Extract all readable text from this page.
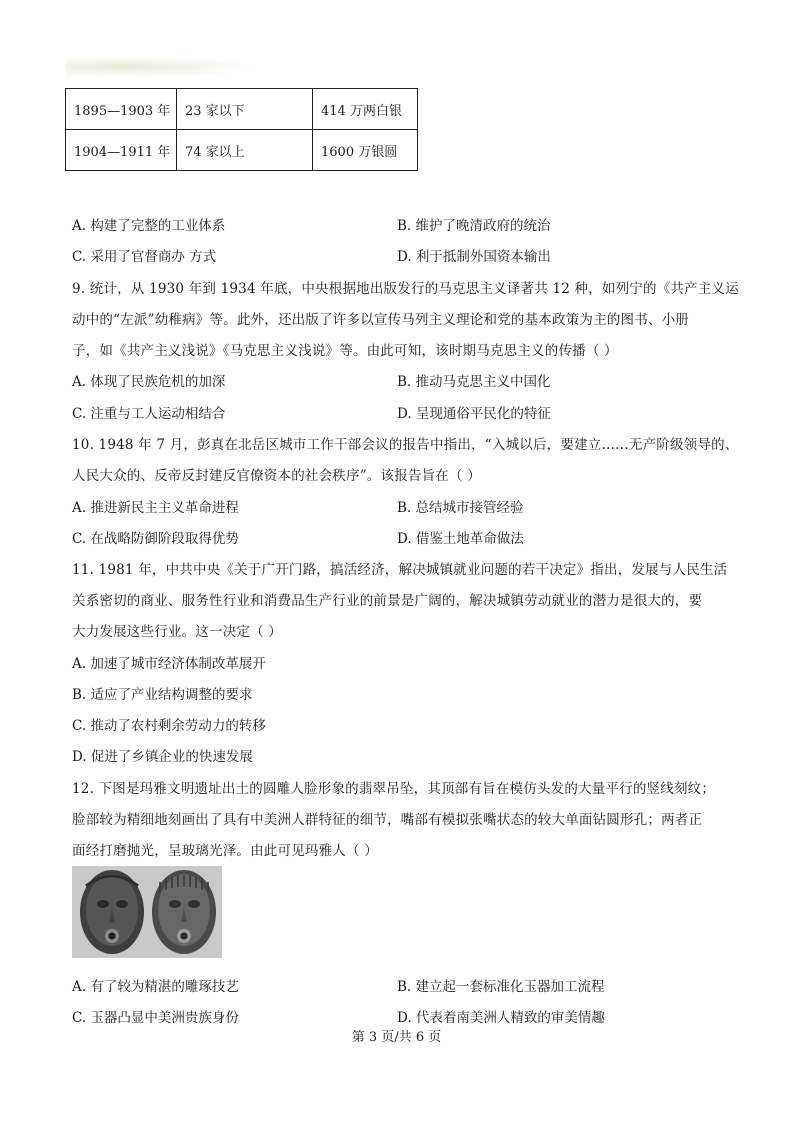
1895—1903 年	23 家以下	414 万两白银
1904—1911 年	74 家以上	1600 万银圆
A. 构建了完整的工业体系	B. 维护了晚清政府的统治
C. 采用了官督商办 方式	D. 利于抵制外国资本输出
9. 统计，从 1930 年到 1934 年底，中央根据地出版发行的马克思主义译著共 12 种，如列宁的《共产主义运
动中的“左派”幼稚病》等。此外，还出版了许多以宣传马列主义理论和党的基本政策为主的图书、小册
子，如《共产主义浅说》《马克思主义浅说》等。由此可知，该时期马克思主义的传播（ ）
A. 体现了民族危机的加深	B. 推动马克思主义中国化
C. 注重与工人运动相结合	D. 呈现通俗平民化的特征
10. 1948 年 7 月，彭真在北岳区城市工作干部会议的报告中指出，“入城以后，要建立……无产阶级领导的、
人民大众的、反帝反封建反官僚资本的社会秩序”。该报告旨在（ ）
A. 推进新民主主义革命进程	B. 总结城市接管经验
C. 在战略防御阶段取得优势	D. 借鉴土地革命做法
11. 1981 年，中共中央《关于广开门路，搞活经济，解决城镇就业问题的若干决定》指出，发展与人民生活
关系密切的商业、服务性行业和消费品生产行业的前景是广阔的，解决城镇劳动就业的潜力是很大的，要
大力发展这些行业。这一决定（ ）
A. 加速了城市经济体制改革展开
B. 适应了产业结构调整的要求
C. 推动了农村剩余劳动力的转移
D. 促进了乡镇企业的快速发展
12. 下图是玛雅文明遗址出土的圆雕人脸形象的翡翠吊坠，其顶部有旨在模仿头发的大量平行的竖线刻纹；
脸部较为精细地刻画出了具有中美洲人群特征的细节，嘴部有模拟张嘴状态的较大单面钻圆形孔；两者正
面经打磨抛光，呈玻璃光泽。由此可见玛雅人（ ）
A. 有了较为精湛的雕琢技艺	B. 建立起一套标准化玉器加工流程
C. 玉器凸显中美洲贵族身份	D. 代表着南美洲人精致的审美情趣
第 3 页/共 6 页
